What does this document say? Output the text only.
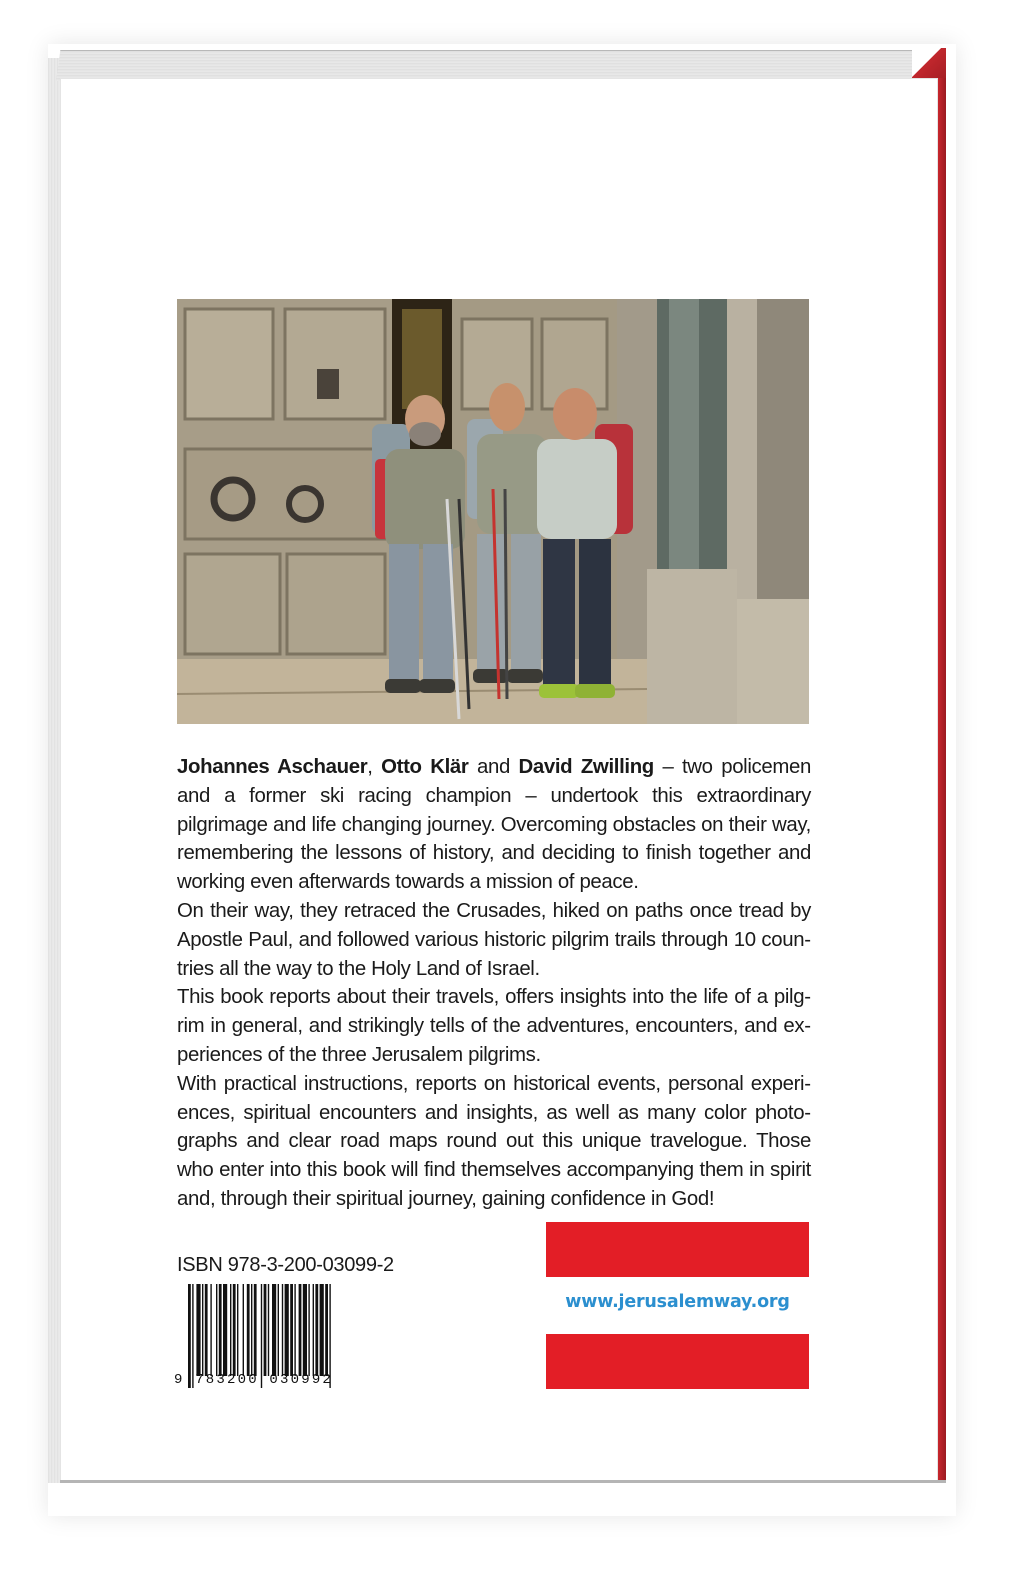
Johannes Aschauer, Otto Klär and David Zwilling – two policemen and a former ski racing champion – undertook this extraordinary pilgrimage and life changing journey. Overcoming obstacles on their way, remembering the lessons of history, and deciding to finish together and working even afterwards towards a mission of peace.

On their way, they retraced the Crusades, hiked on paths once tread by Apostle Paul, and followed various historic pilgrim trails through 10 countries all the way to the Holy Land of Israel.

This book reports about their travels, offers insights into the life of a pilgrim in general, and strikingly tells of the adventures, encounters, and experiences of the three Jerusalem pilgrims.

With practical instructions, reports on historical events, personal experiences, spiritual encounters and insights, as well as many color photographs and clear road maps round out this unique travelogue. Those who enter into this book will find themselves accompanying them in spirit and, through their spiritual journey, gaining confidence in God!

ISBN 978-3-200-03099-2
9 783200 030992
www.jerusalemway.org
